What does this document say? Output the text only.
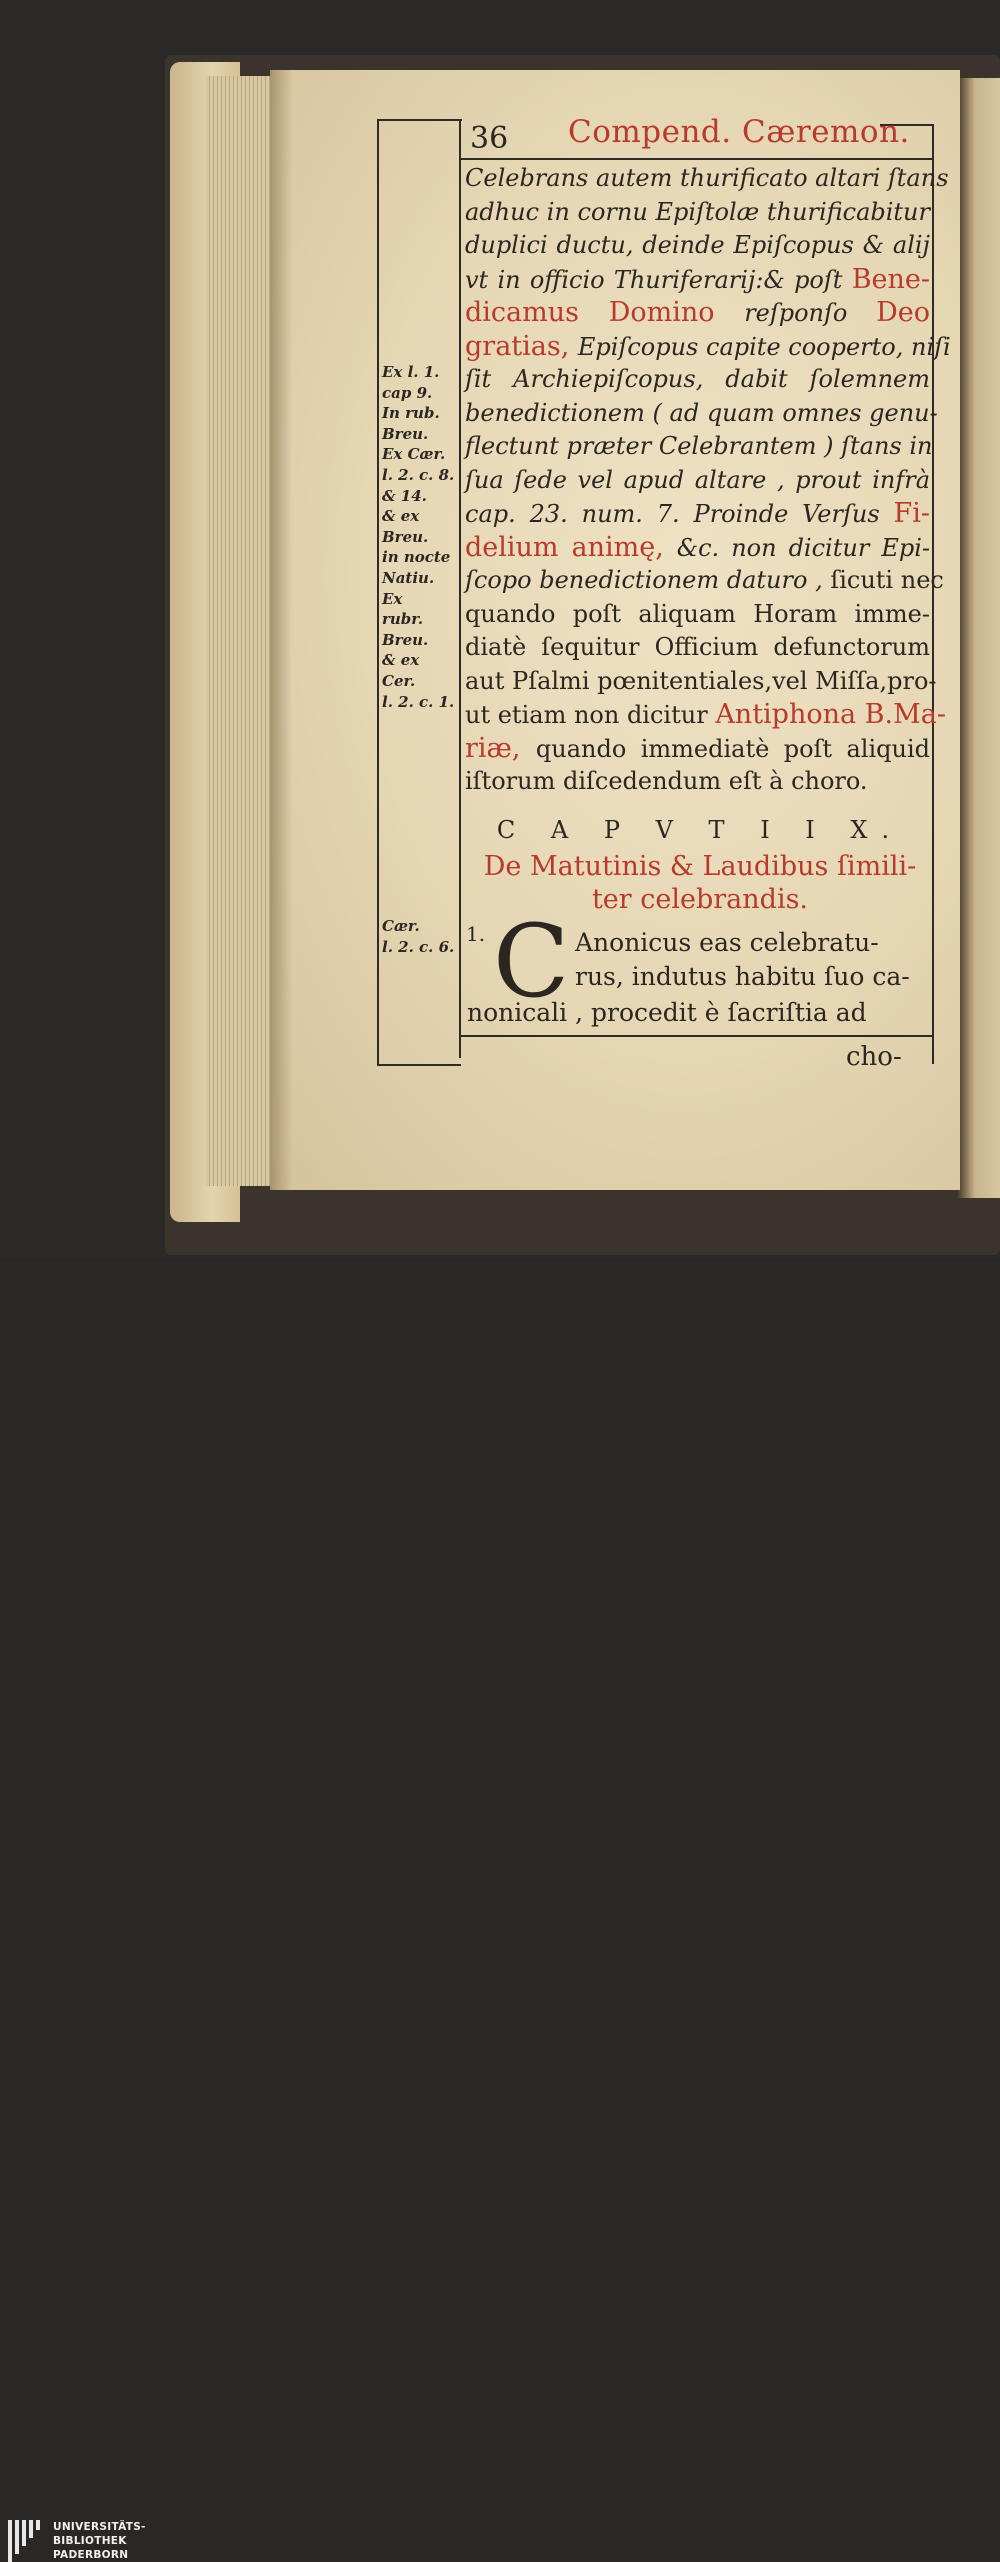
36 Compend. Cæremon.
Celebrans autem thurificato altari ſtans
adhuc in cornu Epiſtolæ thurificabitur
duplici ductu, deinde Epiſcopus & alij
vt in officio Thuriferarij:& poſt Bene-
dicamus Domino reſponſo Deo
gratias, Epiſcopus capite cooperto, niſi
ſit Archiepiſcopus, dabit ſolemnem
benedictionem ( ad quam omnes genu-
flectunt præter Celebrantem ) ſtans in
ſua ſede vel apud altare , prout infrà
cap. 23. num. 7. Proinde Verſus Fi-
delium animę, &c. non dicitur Epi-
ſcopo benedictionem daturo , ſicuti nec
quando poſt aliquam Horam imme-
diatè ſequitur Officium defunctorum
aut Pſalmi pœnitentiales,vel Miſſa,pro-
ut etiam non dicitur Antiphona B.Ma-
riæ, quando immediatè poſt aliquid
iſtorum diſcedendum eſt à choro.
Ex l. 1.
cap 9.
In rub.
Breu.
Ex Cær.
l. 2. c. 8.
& 14.
& ex
Breu.
in nocte
Natiu.
Ex
rubr.
Breu.
& ex
Cer.
l. 2. c. 1.
Cær.
l. 2. c. 6.
C A P V T I I X.
De Matutinis & Laudibus ſimili-
ter celebrandis.
1. C Anonicus eas celebratu-
rus, indutus habitu ſuo ca-
nonicali , procedit è ſacriſtia ad
cho-
UNIVERSITÄTS-
BIBLIOTHEK
PADERBORN
